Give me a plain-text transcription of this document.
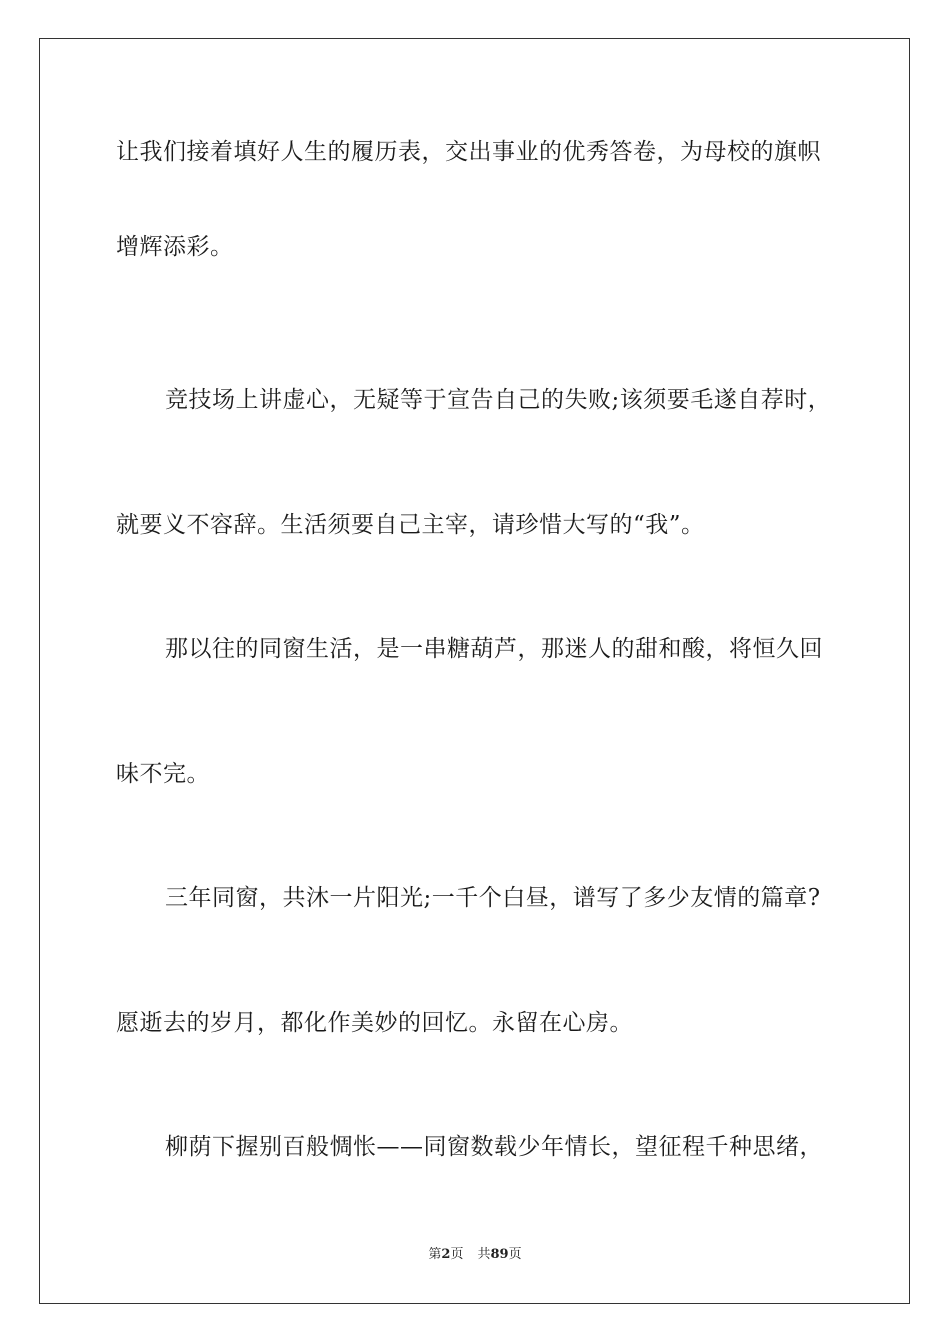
让我们接着填好人生的履历表，交出事业的优秀答卷，为母校的旗帜
增辉添彩。
竞技场上讲虚心，无疑等于宣告自己的失败;该须要毛遂自荐时，
就要义不容辞。生活须要自己主宰，请珍惜大写的“我”。
那以往的同窗生活，是一串糖葫芦，那迷人的甜和酸，将恒久回
味不完。
三年同窗，共沐一片阳光;一千个白昼，谱写了多少友情的篇章?
愿逝去的岁月，都化作美妙的回忆。永留在心房。
柳荫下握别百般惆怅——同窗数载少年情长，望征程千种思绪，
第2页 共89页
